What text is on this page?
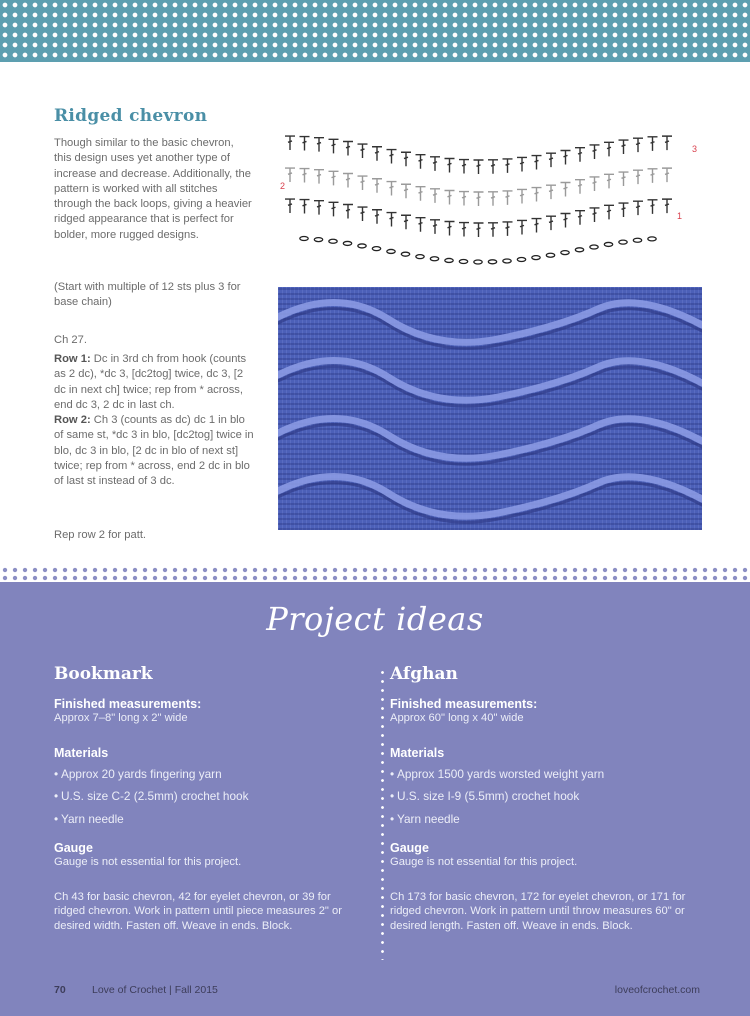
Ridged chevron

Though similar to the basic chevron, this design uses yet another type of increase and decrease. Additionally, the pattern is worked with all stitches through the back loops, giving a heavier ridged appearance that is perfect for bolder, more rugged designs.

(Start with multiple of 12 sts plus 3 for base chain)

Ch 27.

Row 1: Dc in 3rd ch from hook (counts as 2 dc), *dc 3, [dc2tog] twice, dc 3, [2 dc in next ch] twice; rep from * across, end dc 3, 2 dc in last ch.

Row 2: Ch 3 (counts as dc) dc 1 in blo of same st, *dc 3 in blo, [dc2tog] twice in blo, dc 3 in blo, [2 dc in blo of next st] twice; rep from * across, end 2 dc in blo of last st instead of 3 dc.

Rep row 2 for patt.

3
2
1
Project ideas
Bookmark

Finished measurements:

Approx 7–8" long x 2" wide

Materials

• Approx 20 yards fingering yarn
• U.S. size C-2 (2.5mm) crochet hook
• Yarn needle

Gauge

Gauge is not essential for this project.

Ch 43 for basic chevron, 42 for eyelet chevron, or 39 for ridged chevron. Work in pattern until piece measures 2" or desired width. Fasten off. Weave in ends. Block.

Afghan

Finished measurements:

Approx 60" long x 40" wide

Materials

• Approx 1500 yards worsted weight yarn
• U.S. size I-9 (5.5mm) crochet hook
• Yarn needle

Gauge

Gauge is not essential for this project.

Ch 173 for basic chevron, 172 for eyelet chevron, or 171 for ridged chevron. Work in pattern until throw measures 60" or desired length. Fasten off. Weave in ends. Block.

70	Love of Crochet | Fall 2015	loveofcrochet.com
